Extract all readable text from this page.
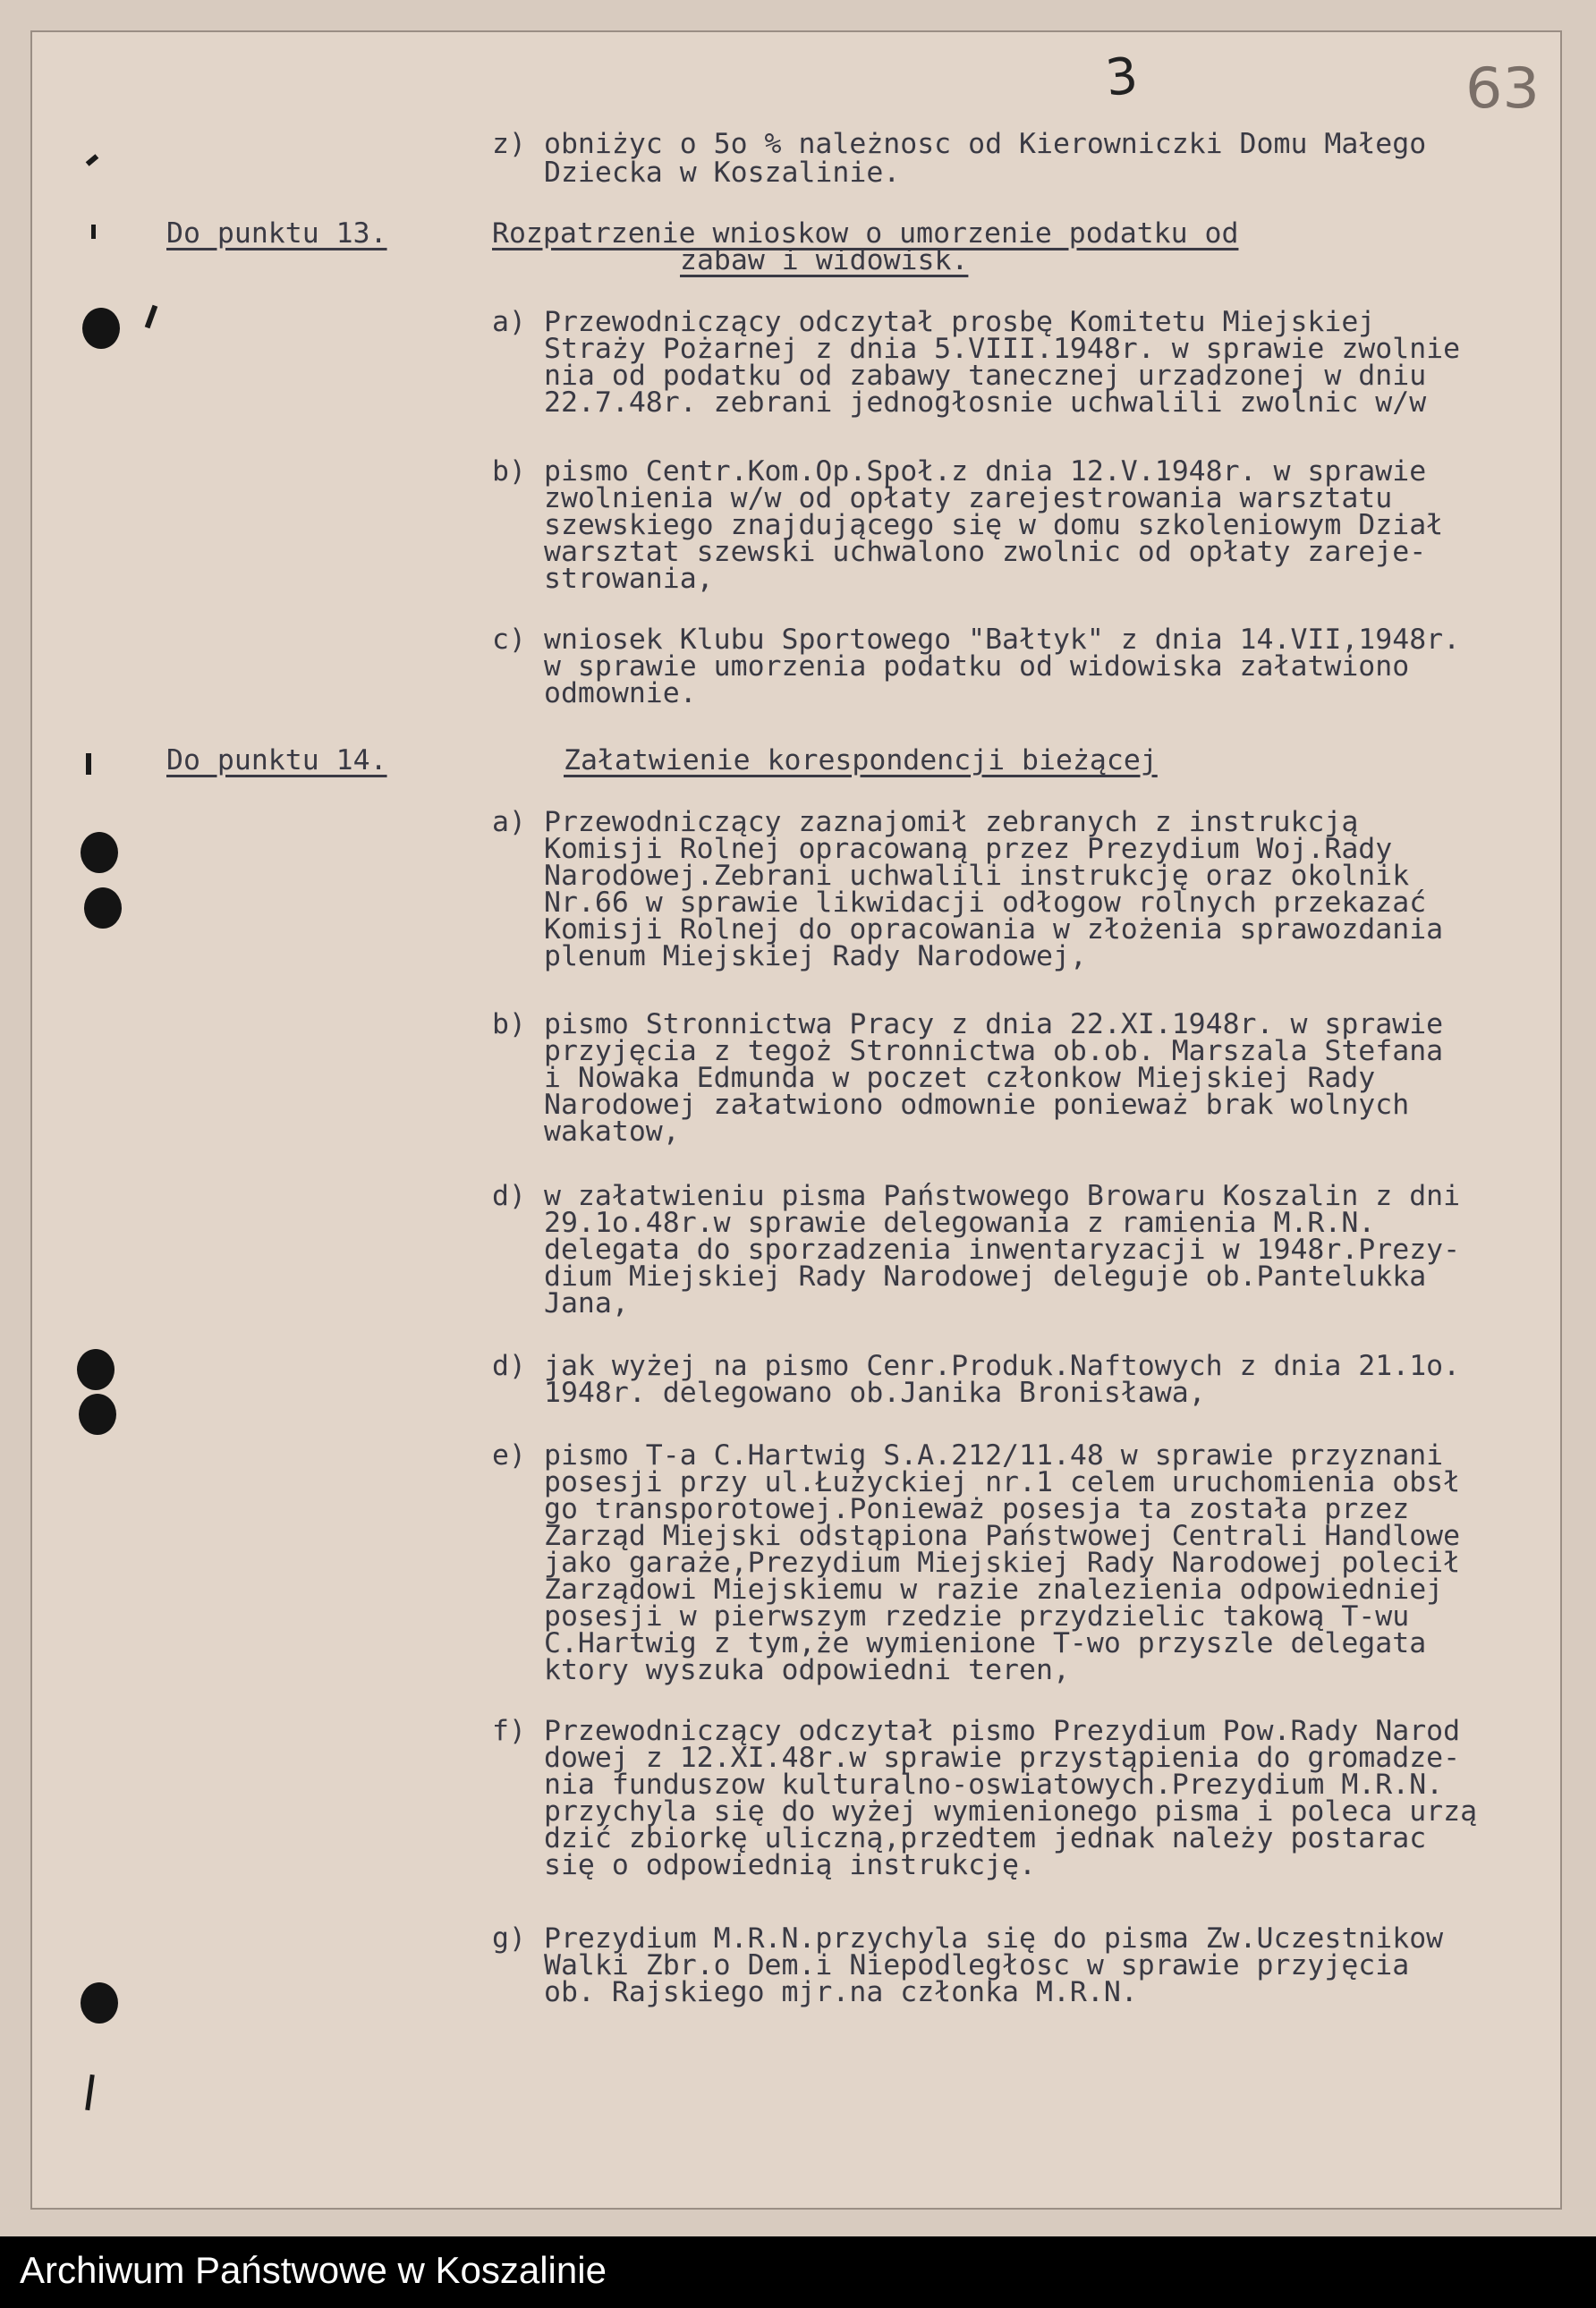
3	63
z) obniżyc o 5o % należnosc od Kierowniczki Domu Małego
Dziecka w Koszalinie.
Do punktu 13.	Rozpatrzenie wnioskow o umorzenie podatku od
zabaw i widowisk.
a) Przewodniczący odczytał prosbę Komitetu Miejskiej
Straży Pożarnej z dnia 5.VIII.1948r. w sprawie zwolnie
nia od podatku od zabawy tanecznej urzadzonej w dniu
22.7.48r. zebrani jednogłosnie uchwalili zwolnic w/w
b) pismo Centr.Kom.Op.Społ.z dnia 12.V.1948r. w sprawie
zwolnienia w/w od opłaty zarejestrowania warsztatu
szewskiego znajdującego się w domu szkoleniowym Dział
warsztat szewski uchwalono zwolnic od opłaty zareje-
strowania,
c) wniosek Klubu Sportowego "Bałtyk" z dnia 14.VII,1948r.
w sprawie umorzenia podatku od widowiska załatwiono
odmownie.
Do punktu 14.	Załatwienie korespondencji bieżącej
a) Przewodniczący zaznajomił zebranych z instrukcją
Komisji Rolnej opracowaną przez Prezydium Woj.Rady
Narodowej.Zebrani uchwalili instrukcję oraz okolnik
Nr.66 w sprawie likwidacji odłogow rolnych przekazać
Komisji Rolnej do opracowania w złożenia sprawozdania
plenum Miejskiej Rady Narodowej,
b) pismo Stronnictwa Pracy z dnia 22.XI.1948r. w sprawie
przyjęcia z tegoż Stronnictwa ob.ob. Marszala Stefana
i Nowaka Edmunda w poczet członkow Miejskiej Rady
Narodowej załatwiono odmownie ponieważ brak wolnych
wakatow,
d) w załatwieniu pisma Państwowego Browaru Koszalin z dni
29.1o.48r.w sprawie delegowania z ramienia M.R.N.
delegata do sporzadzenia inwentaryzacji w 1948r.Prezy-
dium Miejskiej Rady Narodowej deleguje ob.Pantelukka
Jana,
d) jak wyżej na pismo Cenr.Produk.Naftowych z dnia 21.1o.
1948r. delegowano ob.Janika Bronisława,
e) pismo T-a C.Hartwig S.A.212/11.48 w sprawie przyznani
posesji przy ul.Łużyckiej nr.1 celem uruchomienia obsł
go transporotowej.Ponieważ posesja ta została przez
Zarząd Miejski odstąpiona Państwowej Centrali Handlowe
jako garaże,Prezydium Miejskiej Rady Narodowej polecił
Zarządowi Miejskiemu w razie znalezienia odpowiedniej
posesji w pierwszym rzedzie przydzielic takową T-wu
C.Hartwig z tym,że wymienione T-wo przyszle delegata
ktory wyszuka odpowiedni teren,
f) Przewodniczący odczytał pismo Prezydium Pow.Rady Narod
dowej z 12.XI.48r.w sprawie przystąpienia do gromadze-
nia funduszow kulturalno-oswiatowych.Prezydium M.R.N.
przychyla się do wyżej wymienionego pisma i poleca urzą
dzić zbiorkę uliczną,przedtem jednak należy postarac
się o odpowiednią instrukcję.
g) Prezydium M.R.N.przychyla się do pisma Zw.Uczestnikow
Walki Zbr.o Dem.i Niepodległosc w sprawie przyjęcia
ob. Rajskiego mjr.na członka M.R.N.
Archiwum Państwowe w Koszalinie
